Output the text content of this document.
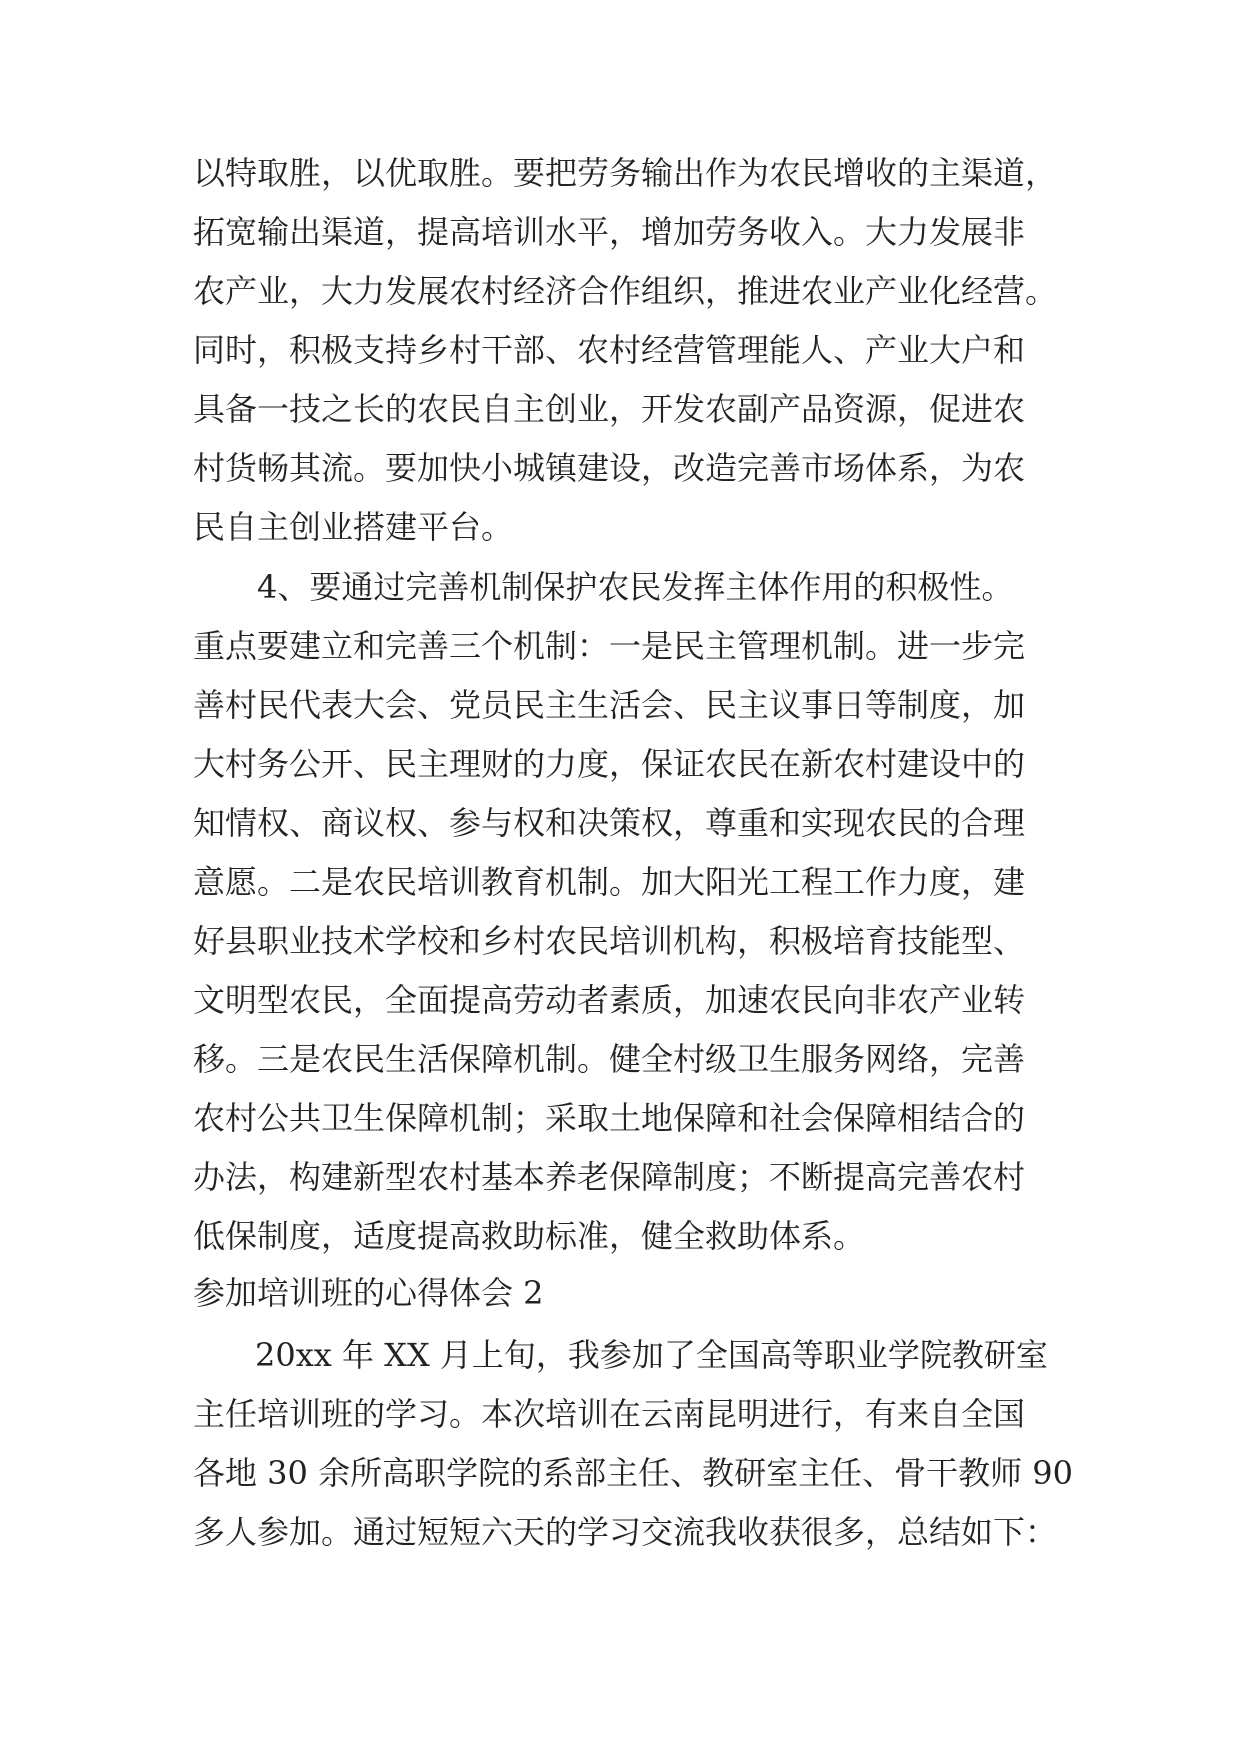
以特取胜，以优取胜。要把劳务输出作为农民增收的主渠道，
拓宽输出渠道，提高培训水平，增加劳务收入。大力发展非
农产业，大力发展农村经济合作组织，推进农业产业化经营。
同时，积极支持乡村干部、农村经营管理能人、产业大户和
具备一技之长的农民自主创业，开发农副产品资源，促进农
村货畅其流。要加快小城镇建设，改造完善市场体系，为农
民自主创业搭建平台。
4、要通过完善机制保护农民发挥主体作用的积极性。
重点要建立和完善三个机制：一是民主管理机制。进一步完
善村民代表大会、党员民主生活会、民主议事日等制度，加
大村务公开、民主理财的力度，保证农民在新农村建设中的
知情权、商议权、参与权和决策权，尊重和实现农民的合理
意愿。二是农民培训教育机制。加大阳光工程工作力度，建
好县职业技术学校和乡村农民培训机构，积极培育技能型、
文明型农民，全面提高劳动者素质，加速农民向非农产业转
移。三是农民生活保障机制。健全村级卫生服务网络，完善
农村公共卫生保障机制；采取土地保障和社会保障相结合的
办法，构建新型农村基本养老保障制度；不断提高完善农村
低保制度，适度提高救助标准，健全救助体系。
参加培训班的心得体会 2
20xx 年 XX 月上旬，我参加了全国高等职业学院教研室
主任培训班的学习。本次培训在云南昆明进行，有来自全国
各地 30 余所高职学院的系部主任、教研室主任、骨干教师 90
多人参加。通过短短六天的学习交流我收获很多，总结如下：
